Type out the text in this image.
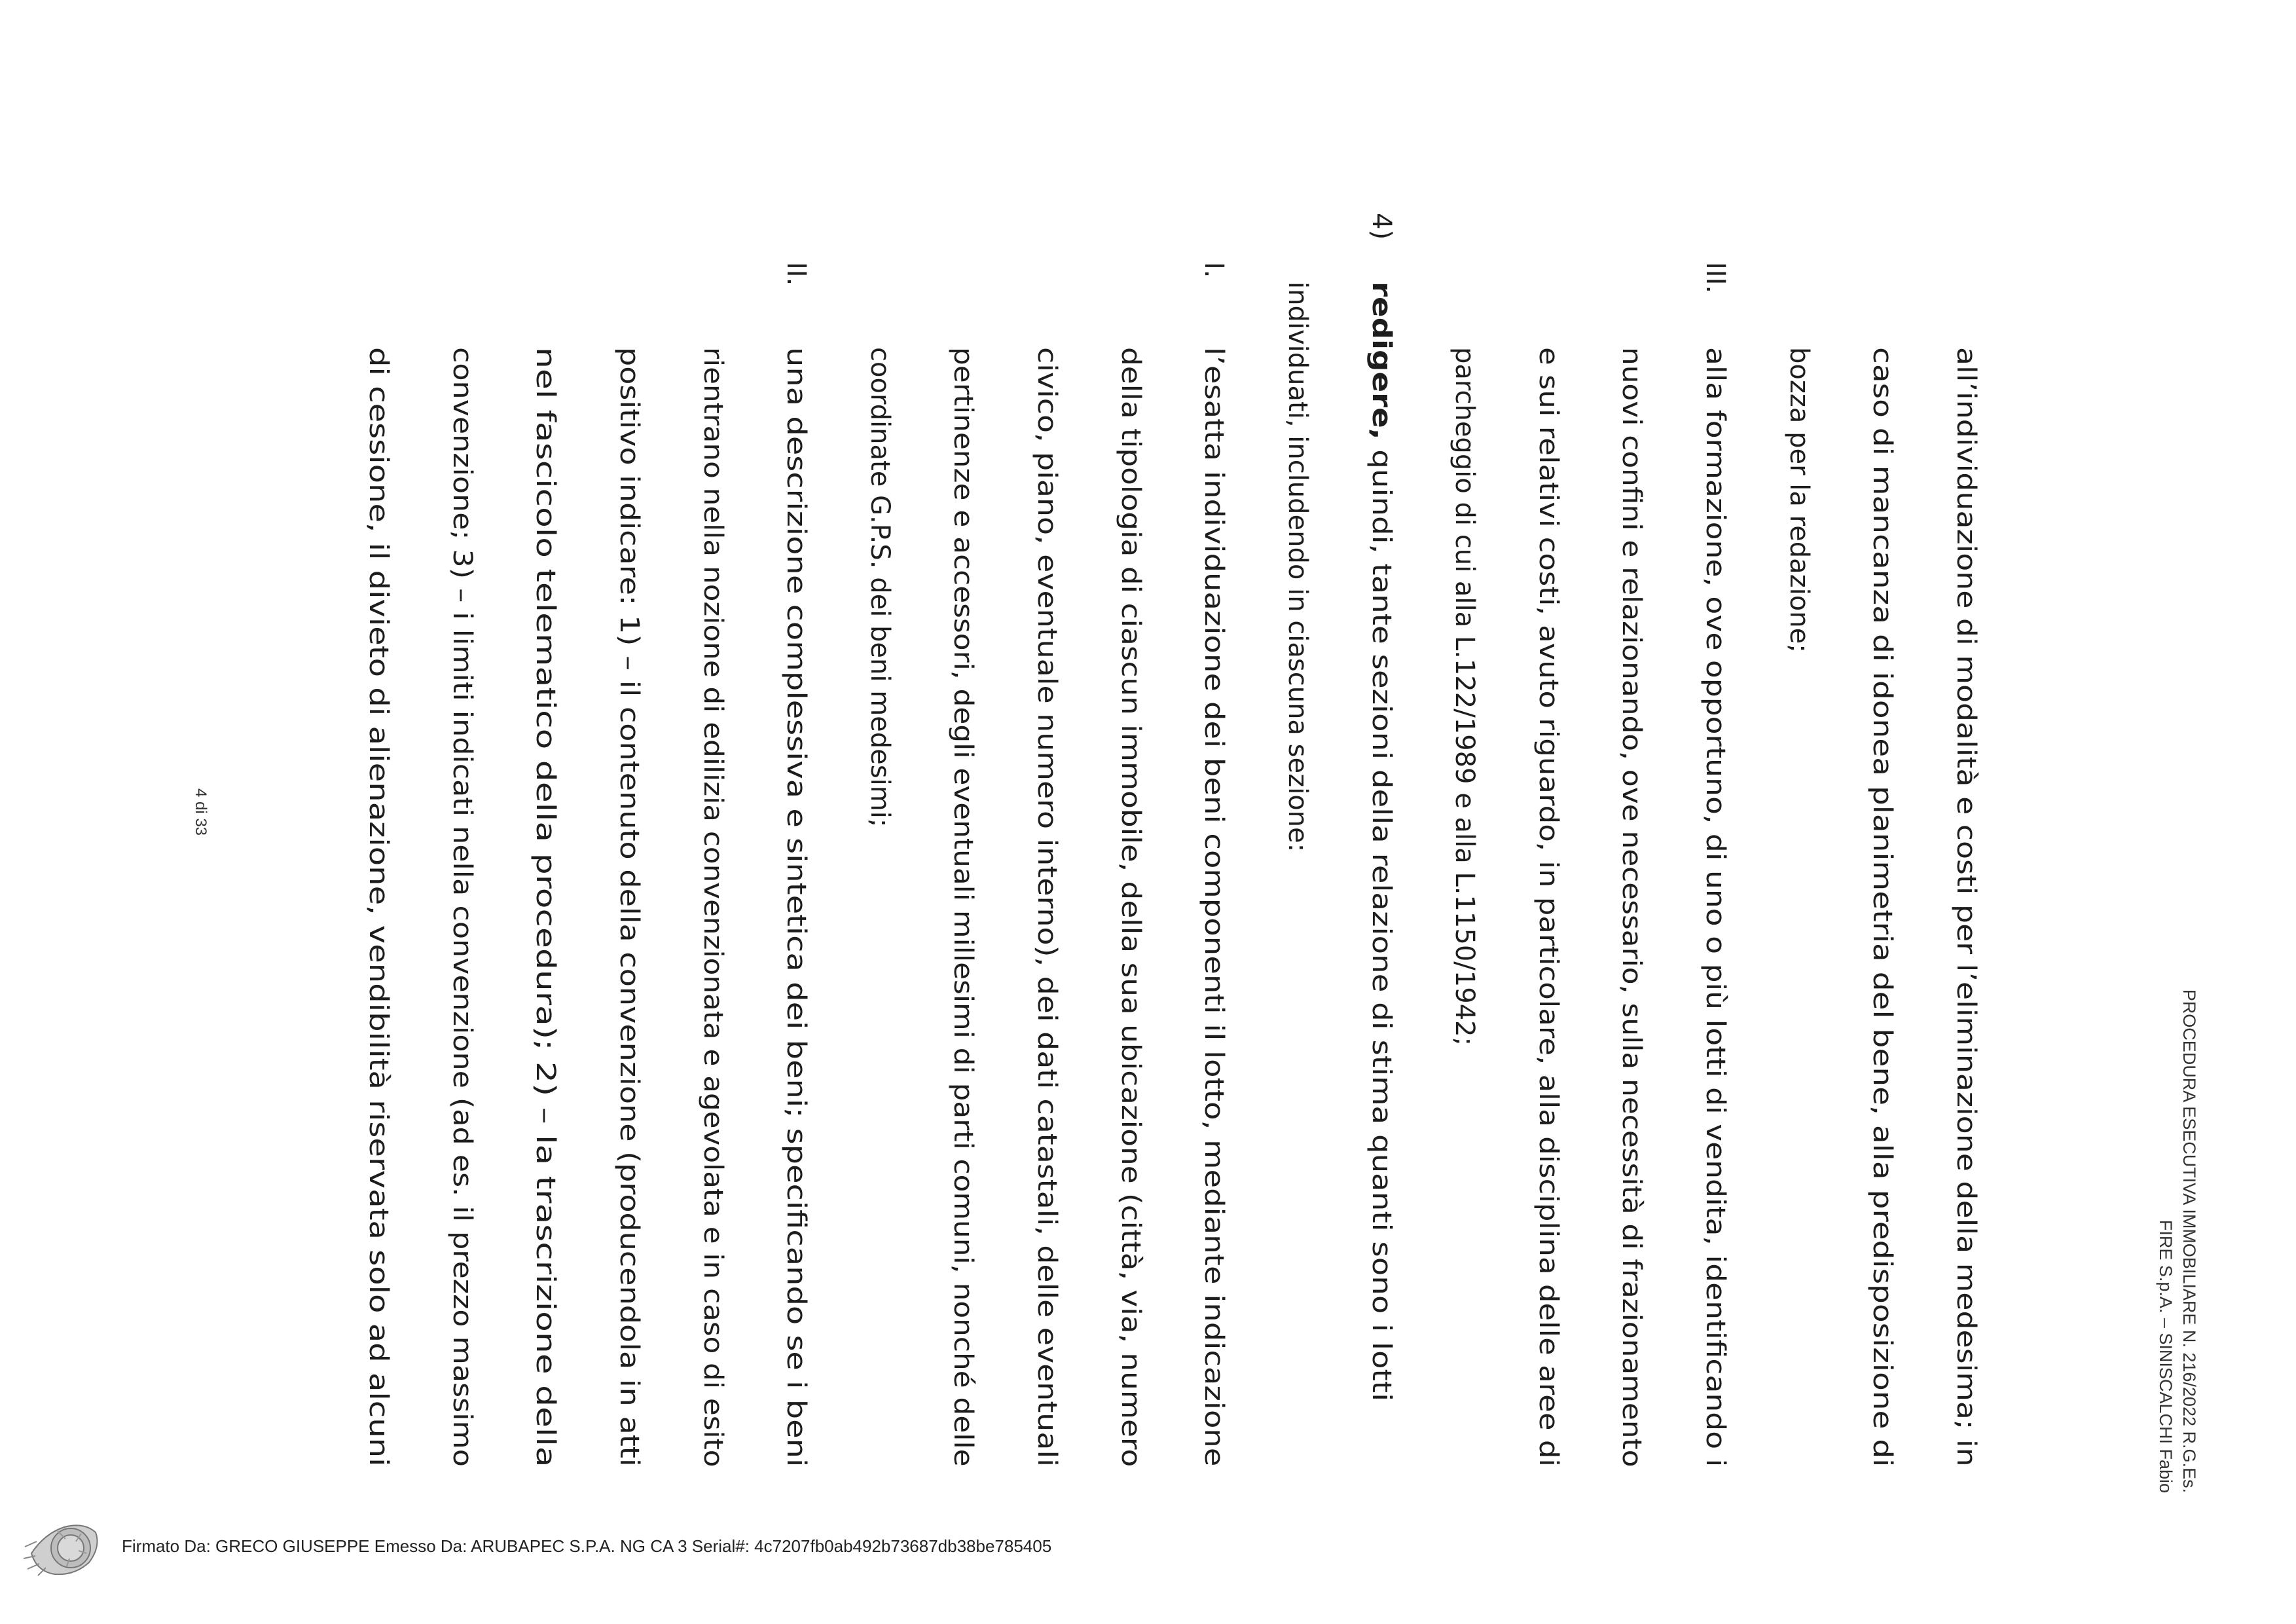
PROCEDURA ESECUTIVA IMMOBILIARE N. 216/2022 R.G.Es.
FIRE S.p.A. – SINISCALCHI Fabio
all’individuazione di modalità e costi per l’eliminazione della medesima; in
caso di mancanza di idonea planimetria del bene, alla predisposizione di
bozza per la redazione;
III.
alla formazione, ove opportuno, di uno o più lotti di vendita, identificando i
nuovi confini e relazionando, ove necessario, sulla necessità di frazionamento
e sui relativi costi, avuto riguardo, in particolare, alla disciplina delle aree di
parcheggio di cui alla L.122/1989 e alla L.1150/1942;
4)
redigere, quindi, tante sezioni della relazione di stima quanti sono i lotti
individuati, includendo in ciascuna sezione:
I.
l’esatta individuazione dei beni componenti il lotto, mediante indicazione
della tipologia di ciascun immobile, della sua ubicazione (città, via, numero
civico, piano, eventuale numero interno), dei dati catastali, delle eventuali
pertinenze e accessori, degli eventuali millesimi di parti comuni, nonché delle
coordinate G.P.S. dei beni medesimi;
II.
una descrizione complessiva e sintetica dei beni; specificando se i beni
rientrano nella nozione di edilizia convenzionata e agevolata e in caso di esito
positivo indicare: 1) – il contenuto della convenzione (producendola in atti
nel fascicolo telematico della procedura); 2) – la trascrizione della
convenzione; 3) – i limiti indicati nella convenzione (ad es. il prezzo massimo
di cessione, il divieto di alienazione, vendibilità riservata solo ad alcuni
4 di 33
Firmato Da: GRECO GIUSEPPE Emesso Da: ARUBAPEC S.P.A. NG CA 3 Serial#: 4c7207fb0ab492b73687db38be785405
